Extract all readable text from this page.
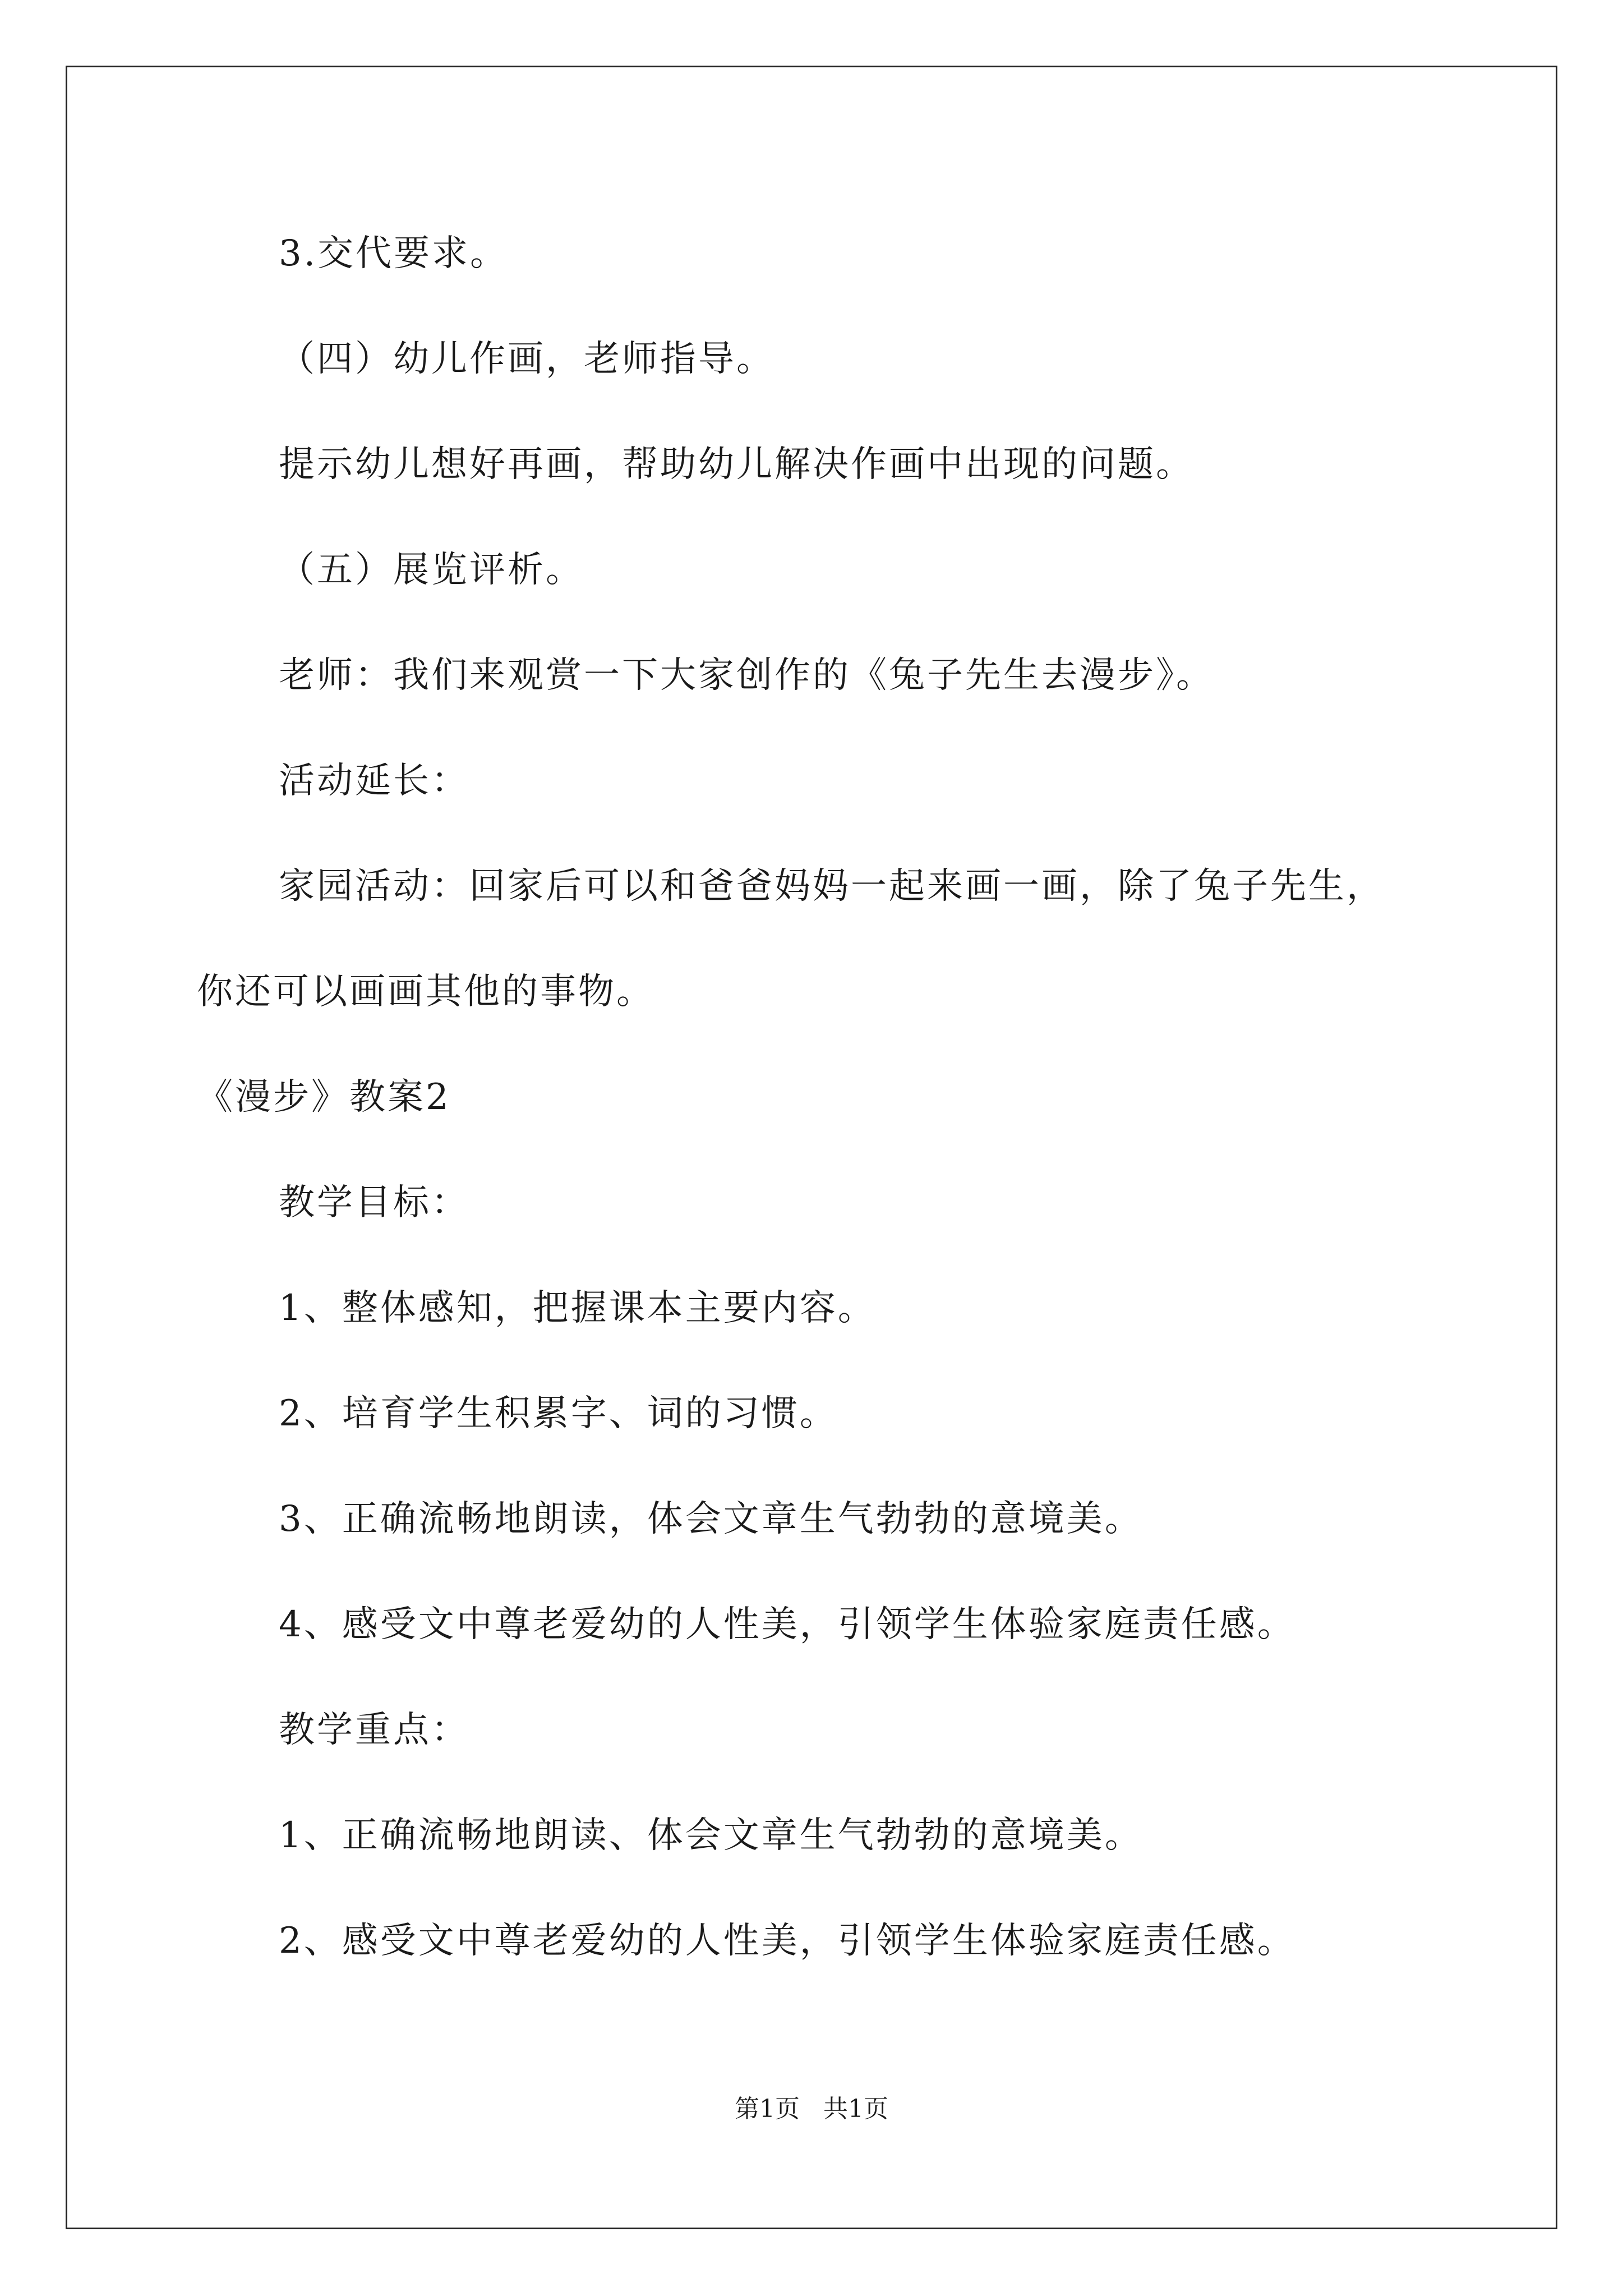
3.交代要求。
（四）幼儿作画，老师指导。
提示幼儿想好再画，帮助幼儿解决作画中出现的问题。
（五）展览评析。
老师：我们来观赏一下大家创作的《兔子先生去漫步》。
活动延长：
家园活动：回家后可以和爸爸妈妈一起来画一画，除了兔子先生，
你还可以画画其他的事物。
《漫步》教案2
教学目标：
1、整体感知，把握课本主要内容。
2、培育学生积累字、词的习惯。
3、正确流畅地朗读，体会文章生气勃勃的意境美。
4、感受文中尊老爱幼的人性美，引领学生体验家庭责任感。
教学重点：
1、正确流畅地朗读、体会文章生气勃勃的意境美。
2、感受文中尊老爱幼的人性美，引领学生体验家庭责任感。
第1页 共1页
